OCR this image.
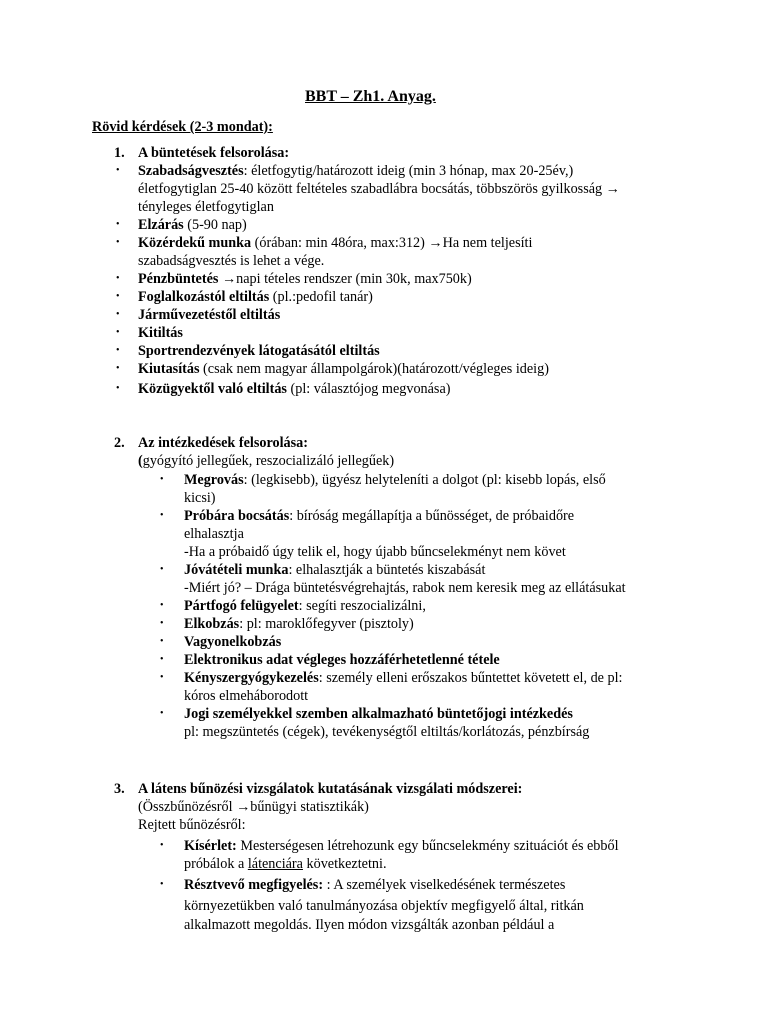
BBT – Zh1. Anyag.
Rövid kérdések (2-3 mondat):
1. A büntetések felsorolása:
• Szabadságvesztés: életfogytig/határozott ideig (min 3 hónap, max 20-25év,)
életfogytiglan 25-40 között feltételes szabadlábra bocsátás, többszörös gyilkosság →
tényleges életfogytiglan
• Elzárás (5-90 nap)
• Közérdekű munka (órában: min 48óra, max:312) →Ha nem teljesíti
szabadságvesztés is lehet a vége.
• Pénzbüntetés →napi tételes rendszer (min 30k, max750k)
• Foglalkozástól eltiltás (pl.:pedofil tanár)
• Járművezetéstől eltiltás
• Kitiltás
• Sportrendezvények látogatásától eltiltás
• Kiutasítás (csak nem magyar állampolgárok)(határozott/végleges ideig)
• Közügyektől való eltiltás (pl: választójog megvonása)
2. Az intézkedések felsorolása:
(gyógyító jellegűek, reszocializáló jellegűek)
• Megrovás: (legkisebb), ügyész helyteleníti a dolgot (pl: kisebb lopás, első
kicsi)
• Próbára bocsátás: bíróság megállapítja a bűnösséget, de próbaidőre
elhalasztja
-Ha a próbaidő úgy telik el, hogy újabb bűncselekményt nem követ
• Jóvátételi munka: elhalasztják a büntetés kiszabását
-Miért jó? – Drága büntetésvégrehajtás, rabok nem keresik meg az ellátásukat
• Pártfogó felügyelet: segíti reszocializálni,
• Elkobzás: pl: maroklőfegyver (pisztoly)
• Vagyonelkobzás
• Elektronikus adat végleges hozzáférhetetlenné tétele
• Kényszergyógykezelés: személy elleni erőszakos bűntettet követett el, de pl:
kóros elmeháborodott
• Jogi személyekkel szemben alkalmazható büntetőjogi intézkedés
pl: megszüntetés (cégek), tevékenységtől eltiltás/korlátozás, pénzbírság
3. A látens bűnözési vizsgálatok kutatásának vizsgálati módszerei:
(Összbűnözésről →bűnügyi statisztikák)
Rejtett bűnözésről:
• Kísérlet: Mesterségesen létrehozunk egy bűncselekmény szituációt és ebből
próbálok a látenciára következtetni.
• Résztvevő megfigyelés: : A személyek viselkedésének természetes
környezetükben való tanulmányozása objektív megfigyelő által, ritkán
alkalmazott megoldás. Ilyen módon vizsgálták azonban például a
